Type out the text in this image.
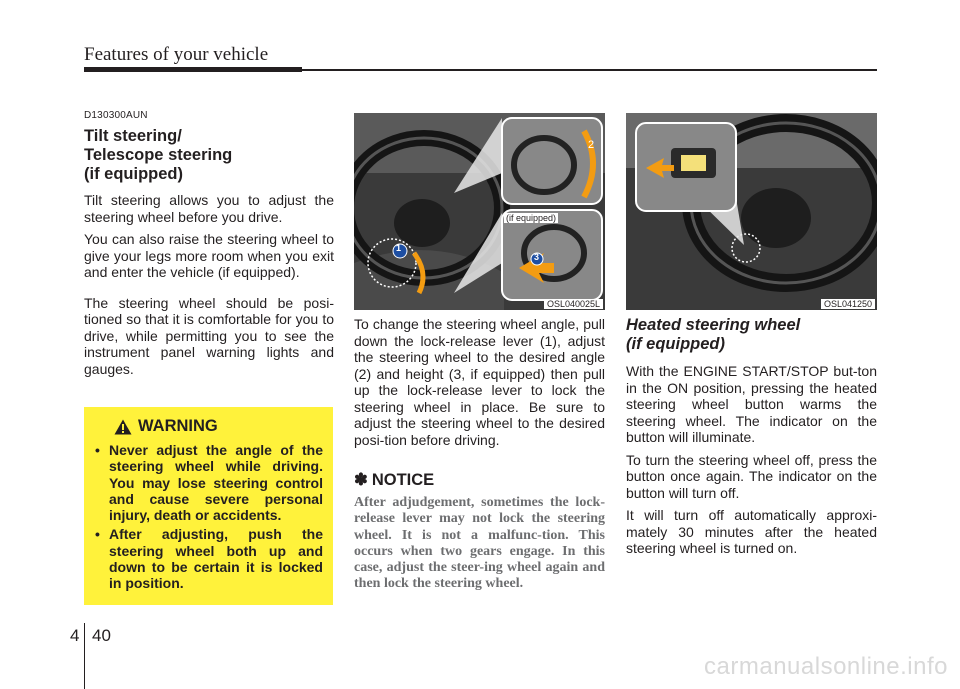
Features of your vehicle
D130300AUN
Tilt steering/
Telescope steering
(if equipped)

Tilt steering allows you to adjust the steering wheel before you drive.

You can also raise the steering wheel to give your legs more room when you exit and enter the vehicle (if equipped).

The steering wheel should be posi-tioned so that it is comfortable for you to drive, while permitting you to see the instrument panel warning lights and gauges.

WARNING
• Never adjust the angle of the steering wheel while driving. You may lose steering control and cause severe personal injury, death or accidents.
• After adjusting, push the steering wheel both up and down to be certain it is locked in position.
(if equipped)
1
2
3
OSL040025L	OSL041250

To change the steering wheel angle, pull down the lock-release lever (1), adjust the steering wheel to the desired angle (2) and height (3, if equipped) then pull up the lock-release lever to lock the steering wheel in place. Be sure to adjust the steering wheel to the desired posi-tion before driving.

✽ NOTICE

After adjudgement, sometimes the lock-release lever may not lock the steering wheel. It is not a malfunc-tion. This occurs when two gears engage. In this case, adjust the steer-ing wheel again and then lock the steering wheel.

Heated steering wheel
(if equipped)

With the ENGINE START/STOP but-ton in the ON position, pressing the heated steering wheel button warms the steering wheel. The indicator on the button will illuminate.

To turn the steering wheel off, press the button once again. The indicator on the button will turn off.

It will turn off automatically approxi-mately 30 minutes after the heated steering wheel is turned on.

4 40
carmanualsonline.info
